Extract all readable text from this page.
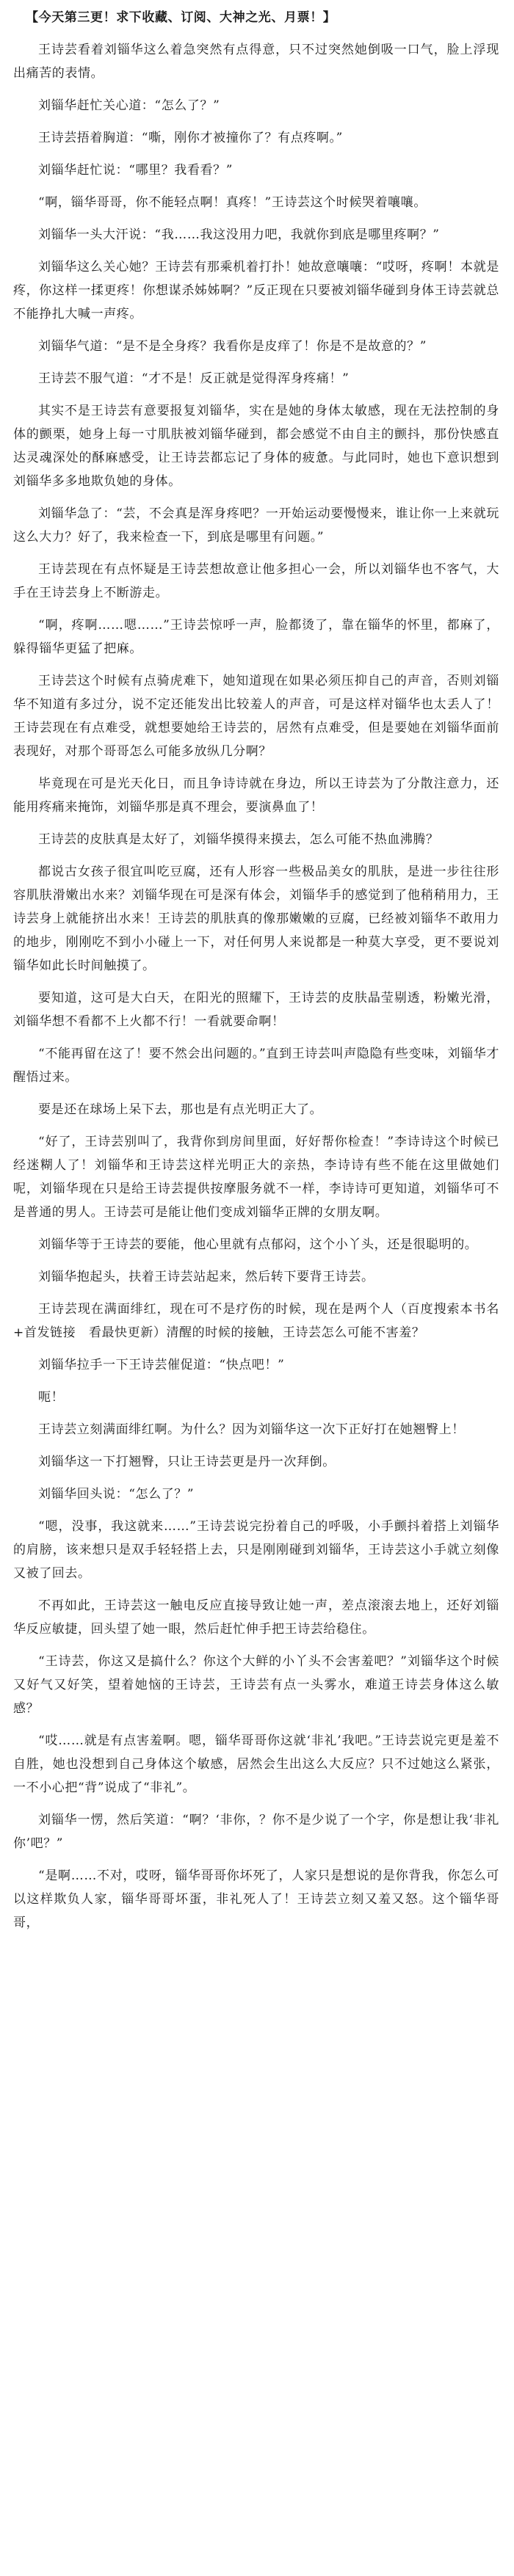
【今天第三更！求下收藏、订阅、大神之光、月票！】

王诗芸看着刘锱华这么着急突然有点得意，只不过突然她倒吸一口气，脸上浮现出痛苦的表情。

刘锱华赶忙关心道：“怎么了？”

王诗芸捂着胸道：“嘶，刚你才被撞你了？有点疼啊。”

刘锱华赶忙说：“哪里？我看看？”

“啊，锱华哥哥，你不能轻点啊！真疼！”王诗芸这个时候哭着嚷嚷。

刘锱华一头大汗说：“我……我这没用力吧，我就你到底是哪里疼啊？”

刘锱华这么关心她？王诗芸有那乘机着打扑！她故意嚷嚷：“哎呀，疼啊！本就是疼，你这样一揉更疼！你想谋杀姊姊啊？”反正现在只要被刘锱华碰到身体王诗芸就总不能挣扎大喊一声疼。

刘锱华气道：“是不是全身疼？我看你是皮痒了！你是不是故意的？”

王诗芸不服气道：“才不是！反正就是觉得浑身疼痛！”

其实不是王诗芸有意要报复刘锱华，实在是她的身体太敏感，现在无法控制的身体的颤栗，她身上每一寸肌肤被刘锱华碰到，都会感觉不由自主的颤抖，那份快感直达灵魂深处的酥麻感受，让王诗芸都忘记了身体的疲惫。与此同时，她也下意识想到刘锱华多多地欺负她的身体。

刘锱华急了：“芸，不会真是浑身疼吧？一开始运动要慢慢来，谁让你一上来就玩这么大力？好了，我来检查一下，到底是哪里有问题。”

王诗芸现在有点怀疑是王诗芸想故意让他多担心一会，所以刘锱华也不客气，大手在王诗芸身上不断游走。

“啊，疼啊……嗯……”王诗芸惊呼一声，脸都烫了，靠在锱华的怀里，都麻了，躲得锱华更猛了把麻。

王诗芸这个时候有点骑虎难下，她知道现在如果必须压抑自己的声音，否则刘锱华不知道有多过分，说不定还能发出比较羞人的声音，可是这样对锱华也太丢人了！王诗芸现在有点难受，就想要她给王诗芸的，居然有点难受，但是要她在刘锱华面前表现好，对那个哥哥怎么可能多放纵几分啊？

毕竟现在可是光天化日，而且争诗诗就在身边，所以王诗芸为了分散注意力，还能用疼痛来掩饰，刘锱华那是真不理会，要演鼻血了！

王诗芸的皮肤真是太好了，刘锱华摸得来摸去，怎么可能不热血沸腾？

都说古女孩子很宜叫吃豆腐，还有人形容一些极品美女的肌肤，是进一步往往形容肌肤滑嫩出水来？刘锱华现在可是深有体会，刘锱华手的感觉到了他稍稍用力，王诗芸身上就能挤出水来！王诗芸的肌肤真的像那嫩嫩的豆腐，已经被刘锱华不敢用力的地步，刚刚吃不到小小碰上一下，对任何男人来说都是一种莫大享受，更不要说刘锱华如此长时间触摸了。

要知道，这可是大白天，在阳光的照耀下，王诗芸的皮肤晶莹剔透，粉嫩光滑，刘锱华想不看都不上火都不行！一看就要命啊！

“不能再留在这了！要不然会出问题的。”直到王诗芸叫声隐隐有些变味，刘锱华才醒悟过来。

要是还在球场上呆下去，那也是有点光明正大了。

“好了，王诗芸别叫了，我背你到房间里面，好好帮你检查！”李诗诗这个时候已经迷糊人了！刘锱华和王诗芸这样光明正大的亲热，李诗诗有些不能在这里做她们呢，刘锱华现在只是给王诗芸提供按摩服务就不一样，李诗诗可更知道，刘锱华可不是普通的男人。王诗芸可是能让他们变成刘锱华正牌的女朋友啊。

刘锱华等于王诗芸的要能，他心里就有点郁闷，这个小丫头，还是很聪明的。

刘锱华抱起头，扶着王诗芸站起来，然后转下要背王诗芸。

王诗芸现在满面绯红，现在可不是疗伤的时候，现在是两个人（百度搜索本书名+首发链接　看最快更新）清醒的时候的接触，王诗芸怎么可能不害羞？

刘锱华拉手一下王诗芸催促道：“快点吧！”

呃！

王诗芸立刻满面绯红啊。为什么？因为刘锱华这一次下正好打在她翘臀上！

刘锱华这一下打翘臀，只让王诗芸更是丹一次拜倒。

刘锱华回头说：“怎么了？”

“嗯，没事，我这就来……”王诗芸说完扮着自己的呼吸，小手颤抖着搭上刘锱华的肩膀，该来想只是双手轻轻搭上去，只是刚刚碰到刘锱华，王诗芸这小手就立刻像又被了回去。

不再如此，王诗芸这一触电反应直接导致让她一声，差点滚滚去地上，还好刘锱华反应敏捷，回头望了她一眼，然后赶忙伸手把王诗芸给稳住。

“王诗芸，你这又是搞什么？你这个大鲜的小丫头不会害羞吧？”刘锱华这个时候又好气又好笑，望着她恼的王诗芸，王诗芸有点一头雾水，难道王诗芸身体这么敏感？

“哎……就是有点害羞啊。嗯，锱华哥哥你这就‘非礼’我吧。”王诗芸说完更是羞不自胜，她也没想到自己身体这个敏感，居然会生出这么大反应？只不过她这么紧张，一不小心把“背”说成了“非礼”。

刘锱华一愣，然后笑道：“啊？‘非你，？你不是少说了一个字，你是想让我‘非礼你’吧？”

“是啊……不对，哎呀，锱华哥哥你坏死了，人家只是想说的是你背我，你怎么可以这样欺负人家，锱华哥哥坏蛋，非礼死人了！王诗芸立刻又羞又怒。这个锱华哥哥，
